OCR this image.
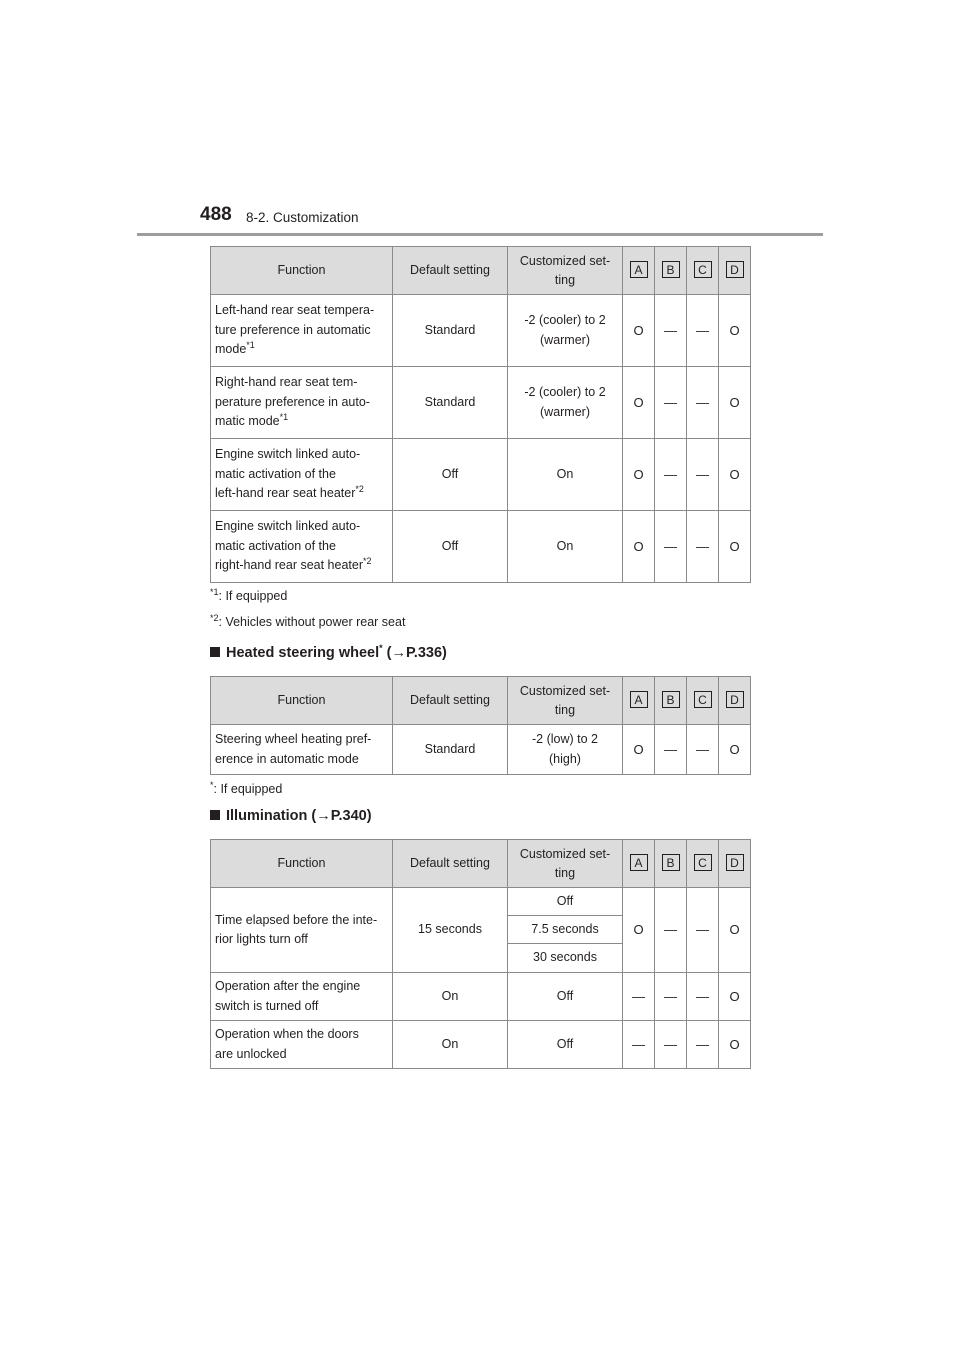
488 8-2. Customization
Function	Default setting	Customized set-
ting	A	B	C	D
Left-hand rear seat tempera-
ture preference in automatic
mode$^{*1}$	Standard	-2 (cooler) to 2
(warmer)	O	—	—	O
Right-hand rear seat tem-
perature preference in auto-
matic mode$^{*1}$	Standard	-2 (cooler) to 2
(warmer)	O	—	—	O
Engine switch linked auto-
matic activation of the
left-hand rear seat heater$^{*2}$	Off	On	O	—	—	O
Engine switch linked auto-
matic activation of the
right-hand rear seat heater$^{*2}$	Off	On	O	—	—	O
$^{*1}$: If equipped
$^{*2}$: Vehicles without power rear seat
Heated steering wheel* (→P.336)
Function	Default setting	Customized set-
ting	A	B	C	D
Steering wheel heating pref-
erence in automatic mode	Standard	-2 (low) to 2
(high)	O	—	—	O
*: If equipped
Illumination (→P.340)
Function	Default setting	Customized set-
ting	A	B	C	D
Time elapsed before the inte-
rior lights turn off	15 seconds	Off	O	—	—	O
		7.5 seconds				
		30 seconds				
Operation after the engine
switch is turned off	On	Off	—	—	—	O
Operation when the doors
are unlocked	On	Off	—	—	—	O
